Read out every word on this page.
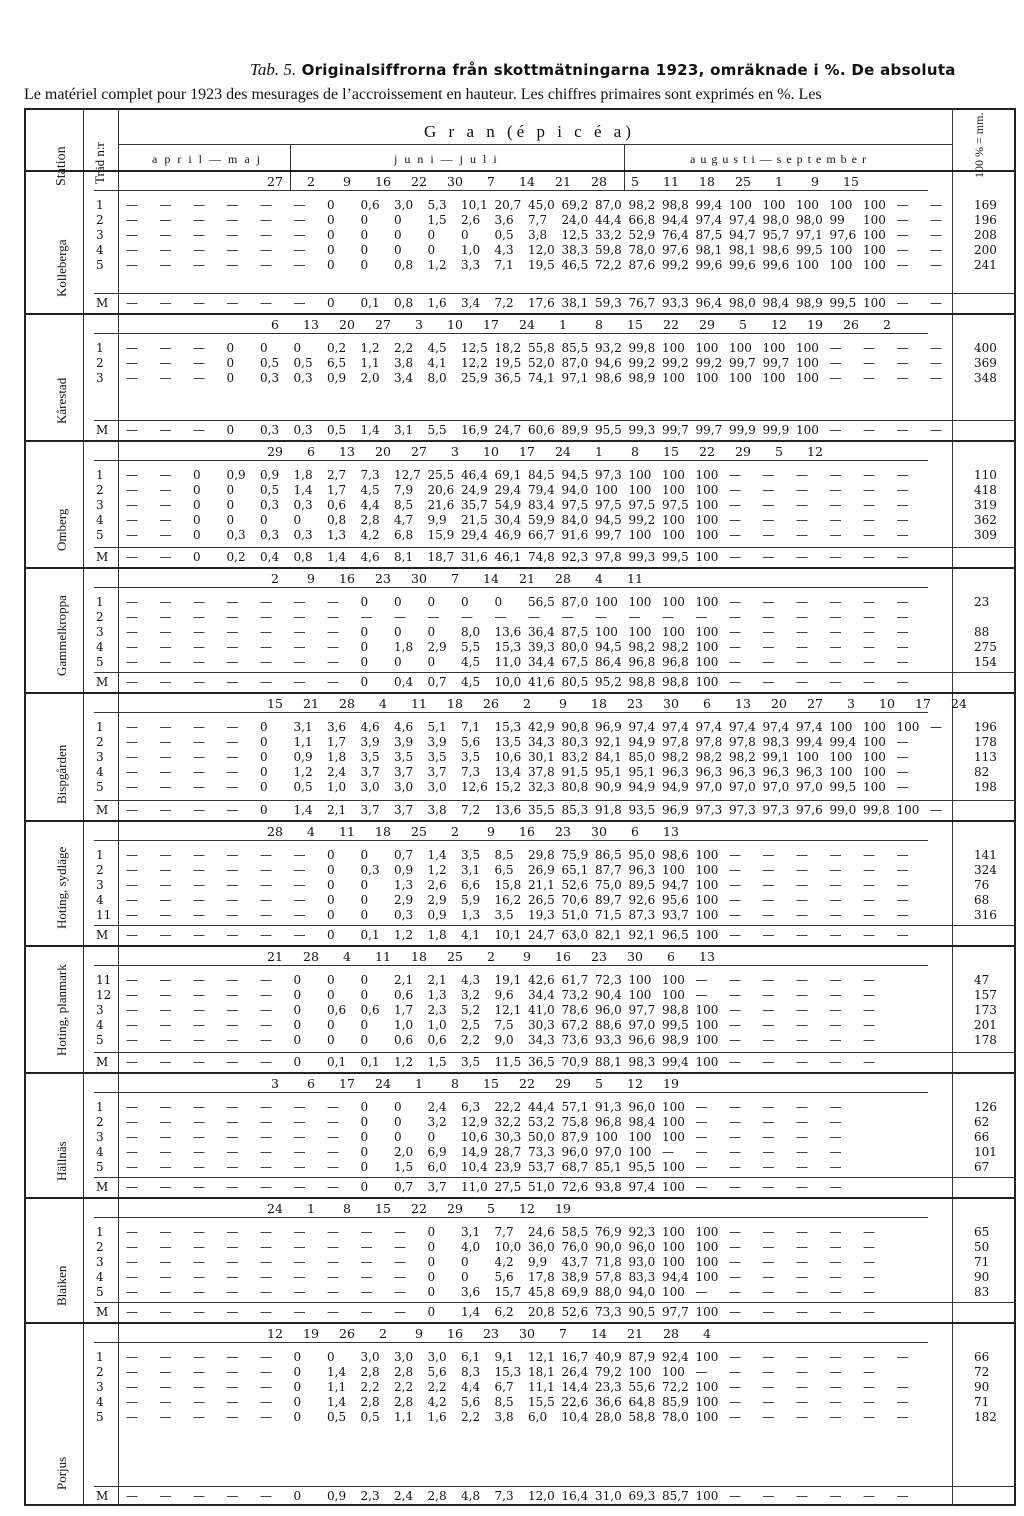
Tab. 5. Originalsiffrorna från skottmätningarna 1923, omräknade i %. De absoluta
Le matériel complet pour 1923 des mesurages de l’accroissement en hauteur. Les chiffres primaires sont exprimés en %. Les
Station Träd n:r
G r a n (é p i c é a)
a p r i l — m a j	j u n i — j u l i	a u g u s t i — s e p t e m b e r	100 % = mm.
Kolleberga
27	2	9	16	22	30	7	14	21	28	5	11	18	25	1	9	15
1 — — — — — — 0 0,6 3,0 5,3 10,1 20,7 45,0 69,2 87,0 98,2 98,8 99,4 100 100 100 100 100 — —	169
2 — — — — — — 0 0 0 1,5 2,6 3,6 7,7 24,0 44,4 66,8 94,4 97,4 97,4 98,0 98,0 99 100 — —	196
3 — — — — — — 0 0 0 0 0 0,5 3,8 12,5 33,2 52,9 76,4 87,5 94,7 95,7 97,1 97,6 100 — —	208
4 — — — — — — 0 0 0 0 1,0 4,3 12,0 38,3 59,8 78,0 97,6 98,1 98,1 98,6 99,5 100 100 — —	200
5 — — — — — — 0 0 0,8 1,2 3,3 7,1 19,5 46,5 72,2 87,6 99,2 99,6 99,6 99,6 100 100 100 — —	241
M — — — — — — 0 0,1 0,8 1,6 3,4 7,2 17,6 38,1 59,3 76,7 93,3 96,4 98,0 98,4 98,9 99,5 100 — —
Kårestad
6	13	20	27	3	10	17	24	1	8	15	22	29	5	12	19	26	2
1 — — — 0 0 0 0,2 1,2 2,2 4,5 12,5 18,2 55,8 85,5 93,2 99,8 100 100 100 100 100 — — — —	400
2 — — — 0 0,5 0,5 6,5 1,1 3,8 4,1 12,2 19,5 52,0 87,0 94,6 99,2 99,2 99,2 99,7 99,7 100 — — — —	369
3 — — — 0 0,3 0,3 0,9 2,0 3,4 8,0 25,9 36,5 74,1 97,1 98,6 98,9 100 100 100 100 100 — — — —	348
M — — — 0 0,3 0,3 0,5 1,4 3,1 5,5 16,9 24,7 60,6 89,9 95,5 99,3 99,7 99,7 99,9 99,9 100 — — — —
Omberg
29	6	13	20	27	3	10	17	24	1	8	15	22	29	5	12
1 — — 0 0,9 0,9 1,8 2,7 7,3 12,7 25,5 46,4 69,1 84,5 94,5 97,3 100 100 100 — — — — — —	110
2 — — 0 0 0,5 1,4 1,7 4,5 7,9 20,6 24,9 29,4 79,4 94,0 100 100 100 100 — — — — — —	418
3 — — 0 0 0,3 0,3 0,6 4,4 8,5 21,6 35,7 54,9 83,4 97,5 97,5 97,5 97,5 100 — — — — — —	319
4 — — 0 0 0 0 0,8 2,8 4,7 9,9 21,5 30,4 59,9 84,0 94,5 99,2 100 100 — — — — — —	362
5 — — 0 0,3 0,3 0,3 1,3 4,2 6,8 15,9 29,4 46,9 66,7 91,6 99,7 100 100 100 — — — — — —	309
M — — 0 0,2 0,4 0,8 1,4 4,6 8,1 18,7 31,6 46,1 74,8 92,3 97,8 99,3 99,5 100 — — — — — —
Gammelkroppa
2	9	16	23	30	7	14	21	28	4	11
1 — — — — — — — 0 0 0 0 0 56,5 87,0 100 100 100 100 — — — — — —	23
2 — — — — — — — — — — — — — — — — — — — — — — — —
3 — — — — — — — 0 0 0 8,0 13,6 36,4 87,5 100 100 100 100 — — — — — —	88
4 — — — — — — — 0 1,8 2,9 5,5 15,3 39,3 80,0 94,5 98,2 98,2 100 — — — — — —	275
5 — — — — — — — 0 0 0 4,5 11,0 34,4 67,5 86,4 96,8 96,8 100 — — — — — —	154
M — — — — — — — 0 0,4 0,7 4,5 10,0 41,6 80,5 95,2 98,8 98,8 100 — — — — — —
Bispgården
15	21	28	4	11	18	26	2	9	18	23	30	6	13	20	27	3	10	17	24
1 — — — — 0 3,1 3,6 4,6 4,6 5,1 7,1 15,3 42,9 90,8 96,9 97,4 97,4 97,4 97,4 97,4 97,4 100 100 100 —	196
2 — — — — 0 1,1 1,7 3,9 3,9 3,9 5,6 13,5 34,3 80,3 92,1 94,9 97,8 97,8 97,8 98,3 99,4 99,4 100 —	178
3 — — — — 0 0,9 1,8 3,5 3,5 3,5 3,5 10,6 30,1 83,2 84,1 85,0 98,2 98,2 98,2 99,1 100 100 100 —	113
4 — — — — 0 1,2 2,4 3,7 3,7 3,7 7,3 13,4 37,8 91,5 95,1 95,1 96,3 96,3 96,3 96,3 96,3 100 100 —	82
5 — — — — 0 0,5 1,0 3,0 3,0 3,0 12,6 15,2 32,3 80,8 90,9 94,9 94,9 97,0 97,0 97,0 97,0 99,5 100 —	198
M — — — — 0 1,4 2,1 3,7 3,7 3,8 7,2 13,6 35,5 85,3 91,8 93,5 96,9 97,3 97,3 97,3 97,6 99,0 99,8 100 —
Hoting, sydläge
28	4	11	18	25	2	9	16	23	30	6	13
1 — — — — — — 0 0 0,7 1,4 3,5 8,5 29,8 75,9 86,5 95,0 98,6 100 — — — — — —	141
2 — — — — — — 0 0,3 0,9 1,2 3,1 6,5 26,9 65,1 87,7 96,3 100 100 — — — — — —	324
3 — — — — — — 0 0 1,3 2,6 6,6 15,8 21,1 52,6 75,0 89,5 94,7 100 — — — — — —	76
4 — — — — — — 0 0 2,9 2,9 5,9 16,2 26,5 70,6 89,7 92,6 95,6 100 — — — — — —	68
11 — — — — — — 0 0 0,3 0,9 1,3 3,5 19,3 51,0 71,5 87,3 93,7 100 — — — — — —	316
M — — — — — — 0 0,1 1,2 1,8 4,1 10,1 24,7 63,0 82,1 92,1 96,5 100 — — — — — —
Hoting, planmark
21	28	4	11	18	25	2	9	16	23	30	6	13
11 — — — — — 0 0 0 2,1 2,1 4,3 19,1 42,6 61,7 72,3 100 100 — — — — — —	47
12 — — — — — 0 0 0 0,6 1,3 3,2 9,6 34,4 73,2 90,4 100 100 — — — — — —	157
3 — — — — — 0 0,6 0,6 1,7 2,3 5,2 12,1 41,0 78,6 96,0 97,7 98,8 100 — — — — —	173
4 — — — — — 0 0 0 1,0 1,0 2,5 7,5 30,3 67,2 88,6 97,0 99,5 100 — — — — —	201
5 — — — — — 0 0 0 0,6 0,6 2,2 9,0 34,3 73,6 93,3 96,6 98,9 100 — — — — —	178
M — — — — — 0 0,1 0,1 1,2 1,5 3,5 11,5 36,5 70,9 88,1 98,3 99,4 100 — — — — —
Hällnäs
3	6	17	24	1	8	15	22	29	5	12	19
1 — — — — — — — 0 0 2,4 6,3 22,2 44,4 57,1 91,3 96,0 100 — — — — —	126
2 — — — — — — — 0 0 3,2 12,9 32,2 53,2 75,8 96,8 98,4 100 — — — — —	62
3 — — — — — — — 0 0 0 10,6 30,3 50,0 87,9 100 100 100 — — — — —	66
4 — — — — — — — 0 2,0 6,9 14,9 28,7 73,3 96,0 97,0 100 — — — — — —	101
5 — — — — — — — 0 1,5 6,0 10,4 23,9 53,7 68,7 85,1 95,5 100 — — — — —	67
M — — — — — — — 0 0,7 3,7 11,0 27,5 51,0 72,6 93,8 97,4 100 — — — — —
Blaiken
24	1	8	15	22	29	5	12	19
1 — — — — — — — — — 0 3,1 7,7 24,6 58,5 76,9 92,3 100 100 — — — — —	65
2 — — — — — — — — — 0 4,0 10,0 36,0 76,0 90,0 96,0 100 100 — — — — —	50
3 — — — — — — — — — 0 0 4,2 9,9 43,7 71,8 93,0 100 100 — — — — —	71
4 — — — — — — — — — 0 0 5,6 17,8 38,9 57,8 83,3 94,4 100 — — — — —	90
5 — — — — — — — — — 0 3,6 15,7 45,8 69,9 88,0 94,0 100 — — — — — —	83
M — — — — — — — — — 0 1,4 6,2 20,8 52,6 73,3 90,5 97,7 100 — — — — —
Porjus
12	19	26	2	9	16	23	30	7	14	21	28	4
1 — — — — — 0 0 3,0 3,0 3,0 6,1 9,1 12,1 16,7 40,9 87,9 92,4 100 — — — — — —	66
2 — — — — — 0 1,4 2,8 2,8 5,6 8,3 15,3 18,1 26,4 79,2 100 100 — — — — — —	72
3 — — — — — 0 1,1 2,2 2,2 2,2 4,4 6,7 11,1 14,4 23,3 55,6 72,2 100 — — — — — —	90
4 — — — — — 0 1,4 2,8 2,8 4,2 5,6 8,5 15,5 22,6 36,6 64,8 85,9 100 — — — — — —	71
5 — — — — — 0 0,5 0,5 1,1 1,6 2,2 3,8 6,0 10,4 28,0 58,8 78,0 100 — — — — — —	182
M — — — — — 0 0,9 2,3 2,4 2,8 4,8 7,3 12,0 16,4 31,0 69,3 85,7 100 — — — — — —
